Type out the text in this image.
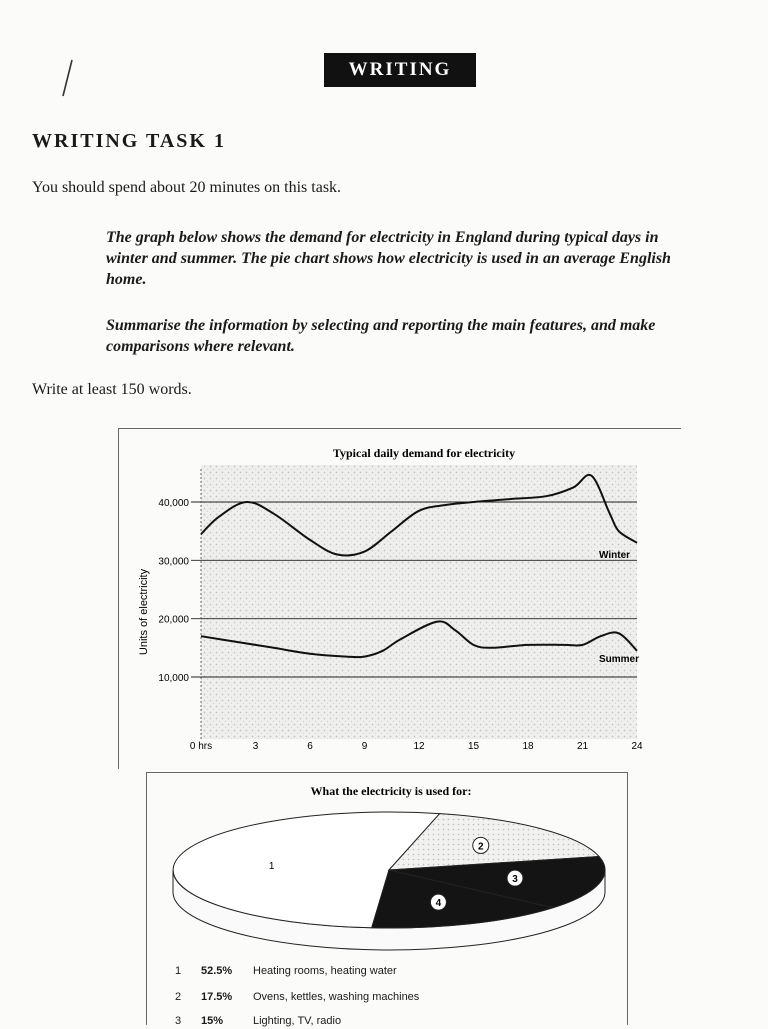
WRITING
WRITING TASK 1
You should spend about 20 minutes on this task.

The graph below shows the demand for electricity in England during typical days in winter and summer. The pie chart shows how electricity is used in an average English home.

Summarise the information by selecting and reporting the main features, and make comparisons where relevant.

Write at least 150 words.
40,000
30,000
20,000
10,000
0 hrs	3	6	9	12	15	18	21	24
Winter
Summer
Typical daily demand for electricity
Units of electricity
What the electricity is used for:
1
2
3
4
1 52.5% Heating rooms, heating water
2 17.5% Ovens, kettles, washing machines
3 15%	Lighting, TV, radio
